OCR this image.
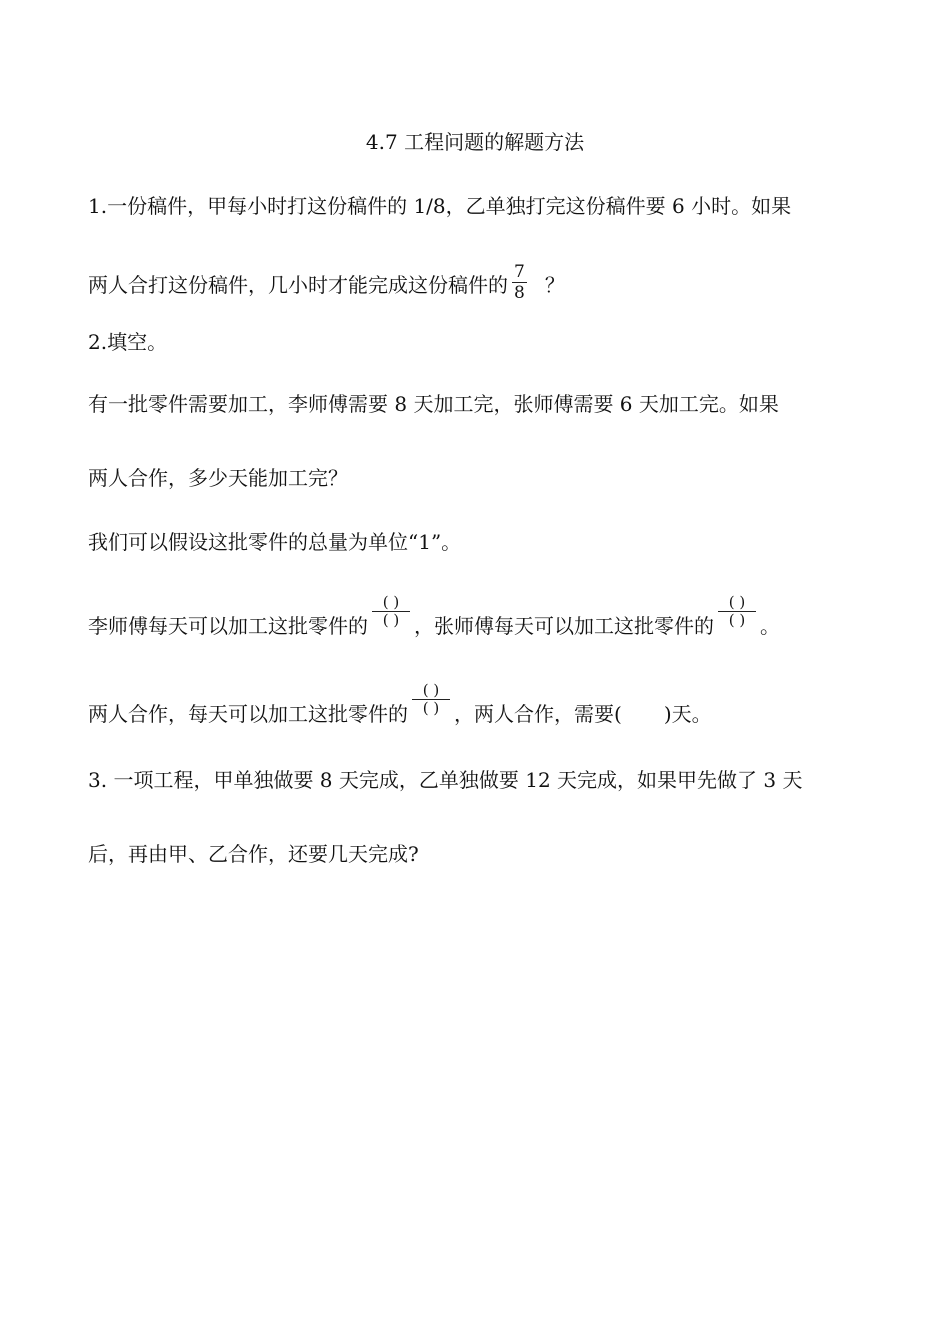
4.7 工程问题的解题方法
1.一份稿件，甲每小时打这份稿件的 1/8，乙单独打完这份稿件要 6 小时。如果
两人合打这份稿件，几小时才能完成这份稿件的 $\frac{7}{8}$ ？
2.填空。
有一批零件需要加工，李师傅需要 8 天加工完，张师傅需要 6 天加工完。如果
两人合作，多少天能加工完？
我们可以假设这批零件的总量为单位“1”。
李师傅每天可以加工这批零件的 $\frac{( )}{( )}$ ，张师傅每天可以加工这批零件的 $\frac{( )}{( )}$ 。
两人合作，每天可以加工这批零件的 $\frac{( )}{( )}$ ，两人合作，需要( )天。
3. 一项工程，甲单独做要 8 天完成，乙单独做要 12 天完成，如果甲先做了 3 天
后，再由甲、乙合作，还要几天完成?
